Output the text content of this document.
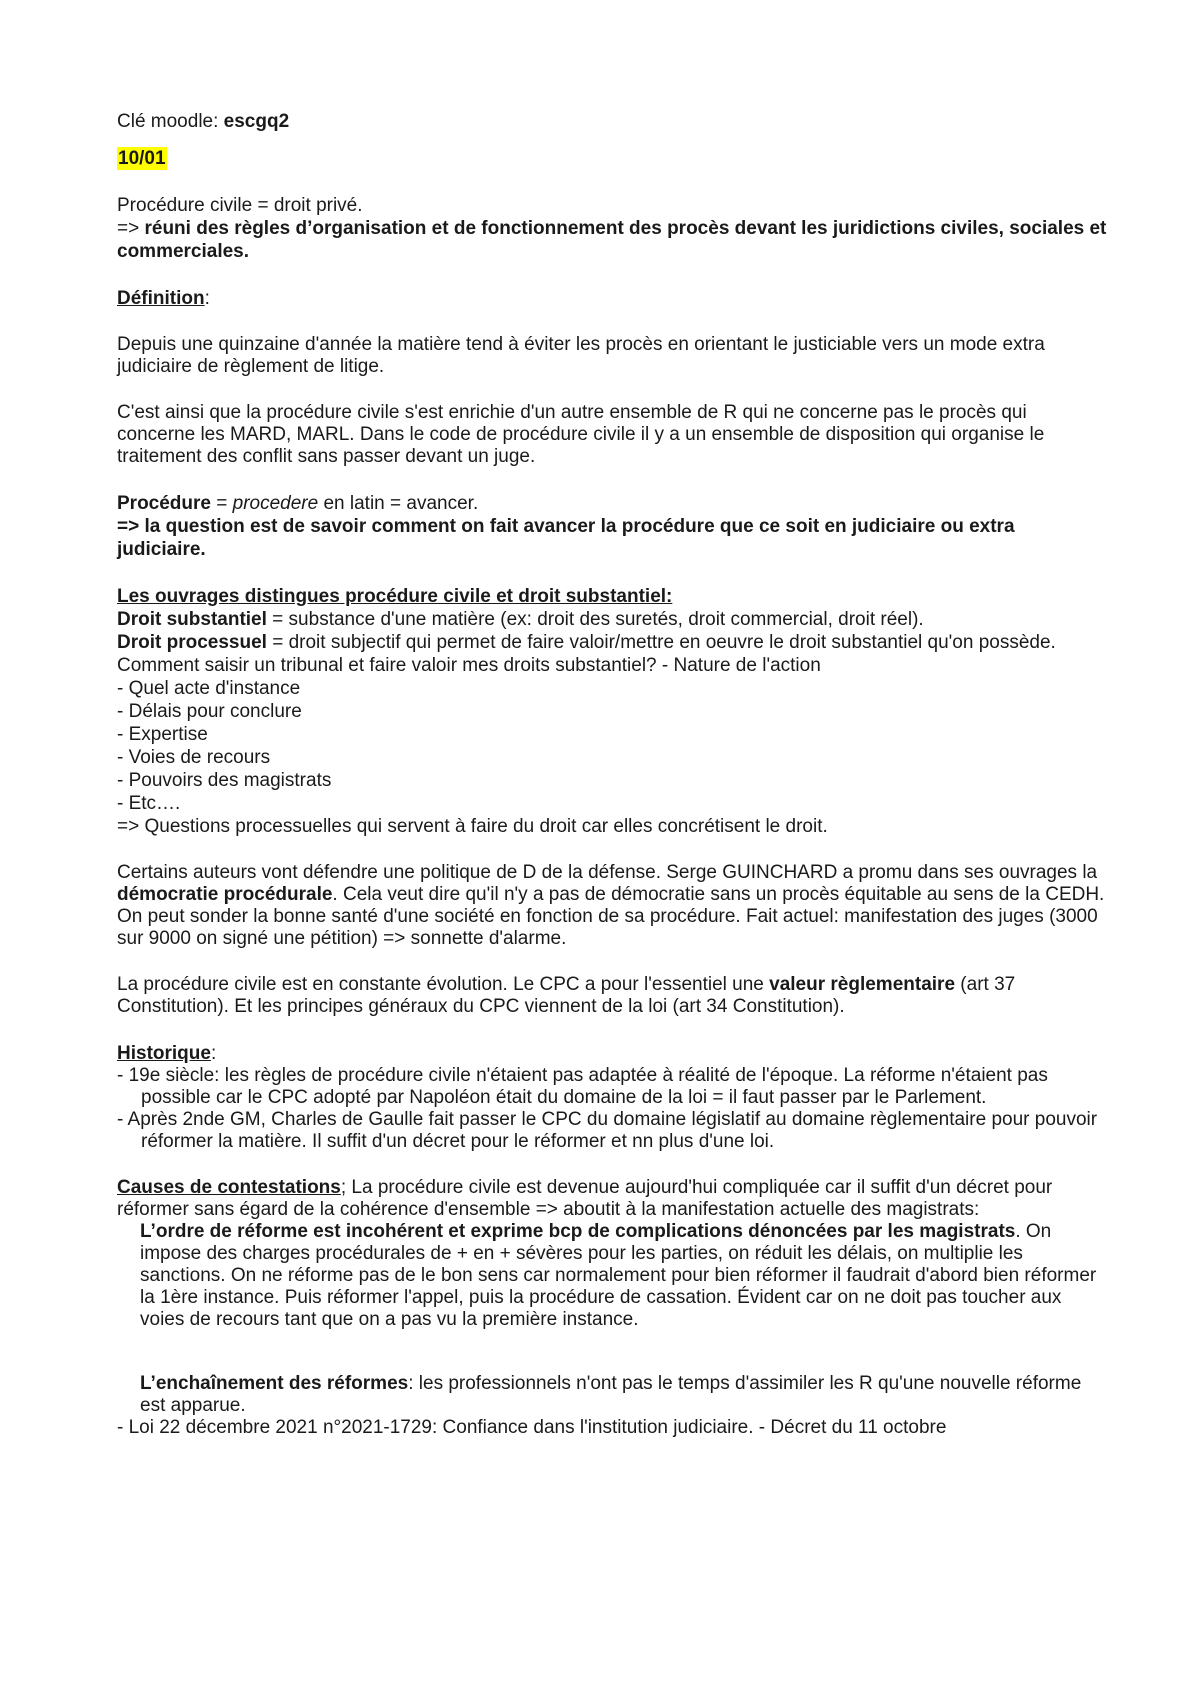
Clé moodle: escgq2

10/01

Procédure civile = droit privé.

=> réuni des règles d’organisation et de fonctionnement des procès devant les juridictions civiles, sociales et commerciales.

Définition:

Depuis une quinzaine d'année la matière tend à éviter les procès en orientant le justiciable vers un mode extra judiciaire de règlement de litige.

C'est ainsi que la procédure civile s'est enrichie d'un autre ensemble de R qui ne concerne pas le procès qui concerne les MARD, MARL. Dans le code de procédure civile il y a un ensemble de disposition qui organise le traitement des conflit sans passer devant un juge.

Procédure = procedere en latin = avancer.

=> la question est de savoir comment on fait avancer la procédure que ce soit en judiciaire ou extra judiciaire.

Les ouvrages distingues procédure civile et droit substantiel:

Droit substantiel = substance d'une matière (ex: droit des suretés, droit commercial, droit réel).

Droit processuel = droit subjectif qui permet de faire valoir/mettre en oeuvre le droit substantiel qu'on possède. Comment saisir un tribunal et faire valoir mes droits substantiel? - Nature de l'action

- Quel acte d'instance

- Délais pour conclure

- Expertise

- Voies de recours

- Pouvoirs des magistrats

- Etc….

=> Questions processuelles qui servent à faire du droit car elles concrétisent le droit.

Certains auteurs vont défendre une politique de D de la défense. Serge GUINCHARD a promu dans ses ouvrages la démocratie procédurale. Cela veut dire qu'il n'y a pas de démocratie sans un procès équitable au sens de la CEDH. On peut sonder la bonne santé d'une société en fonction de sa procédure. Fait actuel: manifestation des juges (3000 sur 9000 on signé une pétition) => sonnette d'alarme.

La procédure civile est en constante évolution. Le CPC a pour l'essentiel une valeur règlementaire (art 37 Constitution). Et les principes généraux du CPC viennent de la loi (art 34 Constitution).

Historique:

- 19e siècle: les règles de procédure civile n'étaient pas adaptée à réalité de l'époque. La réforme n'étaient pas possible car le CPC adopté par Napoléon était du domaine de la loi = il faut passer par le Parlement.

- Après 2nde GM, Charles de Gaulle fait passer le CPC du domaine législatif au domaine règlementaire pour pouvoir réformer la matière. Il suffit d'un décret pour le réformer et nn plus d'une loi.

Causes de contestations; La procédure civile est devenue aujourd'hui compliquée car il suffit d'un décret pour réformer sans égard de la cohérence d'ensemble => aboutit à la manifestation actuelle des magistrats:

L’ordre de réforme est incohérent et exprime bcp de complications dénoncées par les magistrats. On impose des charges procédurales de + en + sévères pour les parties, on réduit les délais, on multiplie les sanctions. On ne réforme pas de le bon sens car normalement pour bien réformer il faudrait d'abord bien réformer la 1ère instance. Puis réformer l'appel, puis la procédure de cassation. Évident car on ne doit pas toucher aux voies de recours tant que on a pas vu la première instance.

L’enchaînement des réformes: les professionnels n'ont pas le temps d'assimiler les R qu'une nouvelle réforme est apparue.

- Loi 22 décembre 2021 n°2021-1729: Confiance dans l'institution judiciaire. - Décret du 11 octobre
